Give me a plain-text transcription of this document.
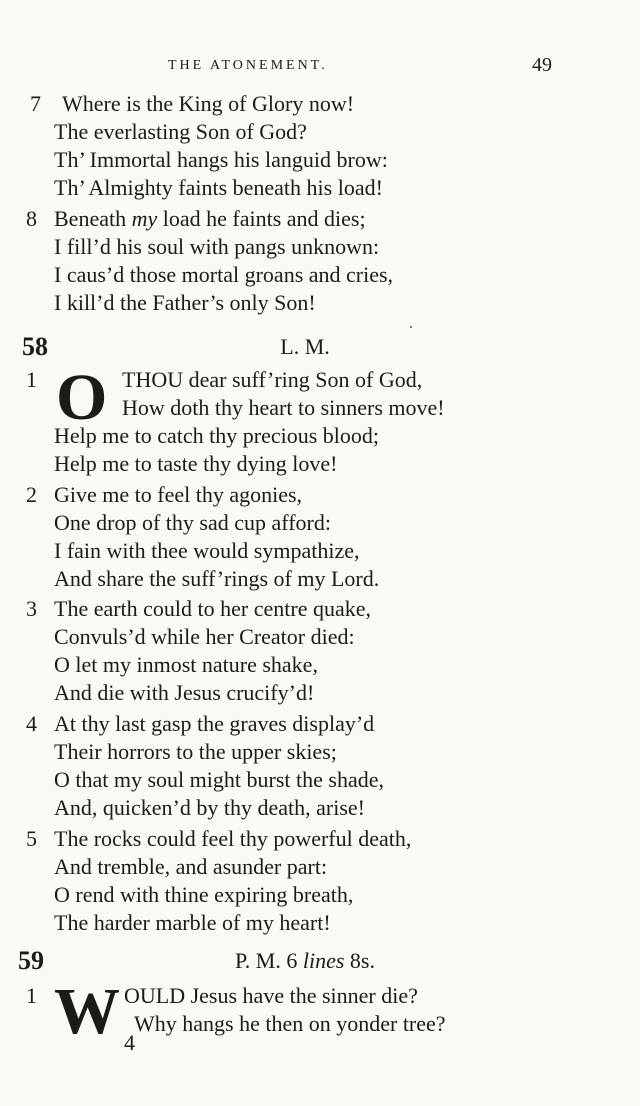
THE ATONEMENT.	49
7 Where is the King of Glory now!
The everlasting Son of God?
Th’ Immortal hangs his languid brow:
Th’ Almighty faints beneath his load!
8 Beneath my load he faints and dies;
I fill’d his soul with pangs unknown:
I caus’d those mortal groans and cries,
I kill’d the Father’s only Son!
58	L. M.
O
1	THOU dear suff’ring Son of God,
How doth thy heart to sinners move!
Help me to catch thy precious blood;
Help me to taste thy dying love!
2 Give me to feel thy agonies,
One drop of thy sad cup afford:
I fain with thee would sympathize,
And share the suff’rings of my Lord.
3 The earth could to her centre quake,
Convuls’d while her Creator died:
O let my inmost nature shake,
And die with Jesus crucify’d!
4 At thy last gasp the graves display’d
Their horrors to the upper skies;
O that my soul might burst the shade,
And, quicken’d by thy death, arise!
5 The rocks could feel thy powerful death,
And tremble, and asunder part:
O rend with thine expiring breath,
The harder marble of my heart!
59	P. M. 6 lines 8s.
W
1	OULD Jesus have the sinner die?
Why hangs he then on yonder tree?
4
